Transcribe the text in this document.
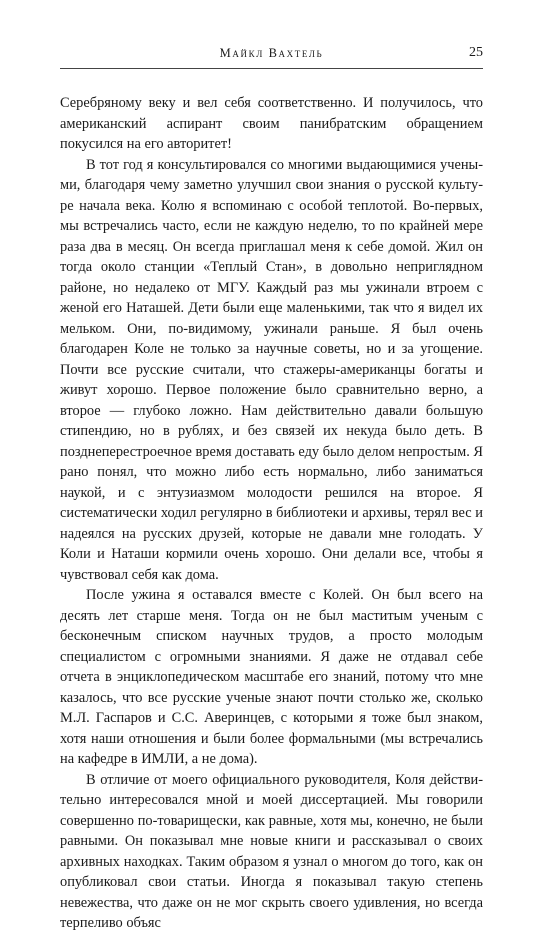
Майкл Вахтель	25

Серебряному веку и вел себя соответственно. И получилось, что американский аспирант своим панибратским обращением покусился на его авторитет!

В тот год я консультировался со многими выдающимися учеными, благодаря чему заметно улучшил свои знания о русской культуре начала века. Колю я вспоминаю с особой теплотой. Во-первых, мы встречались часто, если не каждую неделю, то по крайней мере раза два в месяц. Он всегда приглашал меня к себе домой. Жил он тогда около станции «Теплый Стан», в довольно неприглядном районе, но недалеко от МГУ. Каждый раз мы ужинали втроем с женой его Наташей. Дети были еще маленькими, так что я видел их мельком. Они, по-видимому, ужинали раньше. Я был очень благодарен Коле не только за научные советы, но и за угощение. Почти все русские считали, что стажеры-американцы богаты и живут хорошо. Первое положение было сравнительно верно, а второе — глубоко ложно. Нам действительно давали большую стипендию, но в рублях, и без связей их некуда было деть. В позднеперестроечное время доставать еду было делом непростым. Я рано понял, что можно либо есть нормально, либо заниматься наукой, и с энтузиазмом молодости решился на второе. Я систематически ходил регулярно в библиотеки и архивы, терял вес и надеялся на русских друзей, которые не давали мне голодать. У Коли и Наташи кормили очень хорошо. Они делали все, чтобы я чувствовал себя как дома.

После ужина я оставался вместе с Колей. Он был всего на десять лет старше меня. Тогда он не был маститым ученым с бесконечным списком научных трудов, а просто молодым специалистом с огромными знаниями. Я даже не отдавал себе отчета в энциклопедическом масштабе его знаний, потому что мне казалось, что все русские ученые знают почти столько же, сколько М.Л. Гаспаров и С.С. Аверинцев, с которыми я тоже был знаком, хотя наши отношения и были более формальными (мы встречались на кафедре в ИМЛИ, а не дома).

В отличие от моего официального руководителя, Коля действительно интересовался мной и моей диссертацией. Мы говорили совершенно по-товарищески, как равные, хотя мы, конечно, не были равными. Он показывал мне новые книги и рассказывал о своих архивных находках. Таким образом я узнал о многом до того, как он опубликовал свои статьи. Иногда я показывал такую степень невежества, что даже он не мог скрыть своего удивления, но всегда терпеливо объяс
